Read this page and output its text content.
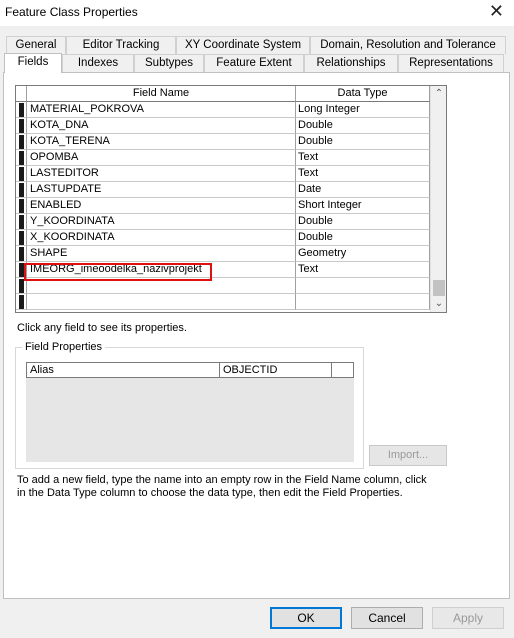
Feature Class Properties	✕
General	Editor Tracking	XY Coordinate System	Domain, Resolution and Tolerance
Fields	Indexes	Subtypes	Feature Extent	Relationships	Representations
Field Name	Data Type
MATERIAL_POKROVA	Long Integer
KOTA_DNA	Double
KOTA_TERENA	Double
OPOMBA	Text
LASTEDITOR	Text
LASTUPDATE	Date
ENABLED	Short Integer
Y_KOORDINATA	Double
X_KOORDINATA	Double
SHAPE	Geometry
IMEORG_imeoodelka_nazivprojekt	Text
⌃
⌄
Click any field to see its properties.
Field Properties
Alias	OBJECTID
Import...
To add a new field, type the name into an empty row in the Field Name column, click in the Data Type column to choose the data type, then edit the Field Properties.
OK	Cancel	Apply
